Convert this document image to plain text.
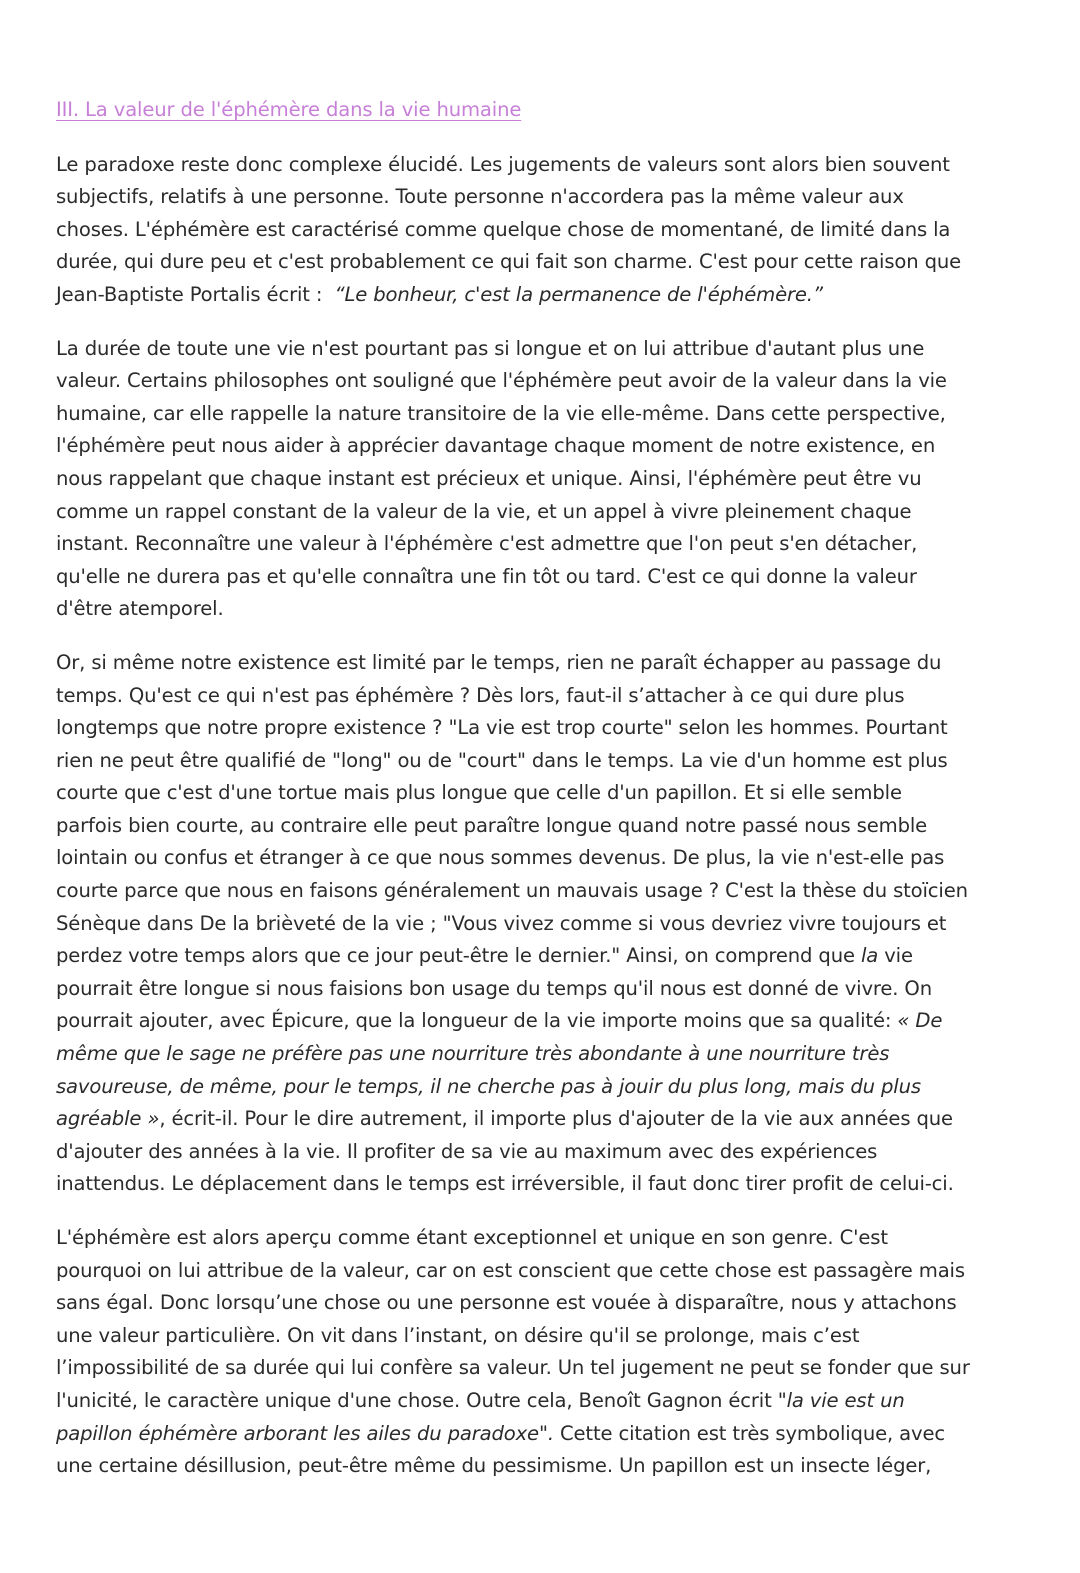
III. La valeur de l'éphémère dans la vie humaine

Le paradoxe reste donc complexe élucidé. Les jugements de valeurs sont alors bien souvent
subjectifs, relatifs à une personne. Toute personne n'accordera pas la même valeur aux
choses. L'éphémère est caractérisé comme quelque chose de momentané, de limité dans la
durée, qui dure peu et c'est probablement ce qui fait son charme. C'est pour cette raison que
Jean-Baptiste Portalis écrit : “Le bonheur, c'est la permanence de l'éphémère.”

La durée de toute une vie n'est pourtant pas si longue et on lui attribue d'autant plus une
valeur. Certains philosophes ont souligné que l'éphémère peut avoir de la valeur dans la vie
humaine, car elle rappelle la nature transitoire de la vie elle-même. Dans cette perspective,
l'éphémère peut nous aider à apprécier davantage chaque moment de notre existence, en
nous rappelant que chaque instant est précieux et unique. Ainsi, l'éphémère peut être vu
comme un rappel constant de la valeur de la vie, et un appel à vivre pleinement chaque
instant. Reconnaître une valeur à l'éphémère c'est admettre que l'on peut s'en détacher,
qu'elle ne durera pas et qu'elle connaîtra une fin tôt ou tard. C'est ce qui donne la valeur
d'être atemporel.

Or, si même notre existence est limité par le temps, rien ne paraît échapper au passage du
temps. Qu'est ce qui n'est pas éphémère ? Dès lors, faut-il s’attacher à ce qui dure plus
longtemps que notre propre existence ? "La vie est trop courte" selon les hommes. Pourtant
rien ne peut être qualifié de "long" ou de "court" dans le temps. La vie d'un homme est plus
courte que c'est d'une tortue mais plus longue que celle d'un papillon. Et si elle semble
parfois bien courte, au contraire elle peut paraître longue quand notre passé nous semble
lointain ou confus et étranger à ce que nous sommes devenus. De plus, la vie n'est-elle pas
courte parce que nous en faisons généralement un mauvais usage ? C'est la thèse du stoïcien
Sénèque dans De la brièveté de la vie ; "Vous vivez comme si vous devriez vivre toujours et
perdez votre temps alors que ce jour peut-être le dernier." Ainsi, on comprend que la vie
pourrait être longue si nous faisions bon usage du temps qu'il nous est donné de vivre. On
pourrait ajouter, avec Épicure, que la longueur de la vie importe moins que sa qualité: « De
même que le sage ne préfère pas une nourriture très abondante à une nourriture très
savoureuse, de même, pour le temps, il ne cherche pas à jouir du plus long, mais du plus
agréable », écrit-il. Pour le dire autrement, il importe plus d'ajouter de la vie aux années que
d'ajouter des années à la vie. Il profiter de sa vie au maximum avec des expériences
inattendus. Le déplacement dans le temps est irréversible, il faut donc tirer profit de celui-ci.

L'éphémère est alors aperçu comme étant exceptionnel et unique en son genre. C'est
pourquoi on lui attribue de la valeur, car on est conscient que cette chose est passagère mais
sans égal. Donc lorsqu’une chose ou une personne est vouée à disparaître, nous y attachons
une valeur particulière. On vit dans l’instant, on désire qu'il se prolonge, mais c’est
l’impossibilité de sa durée qui lui confère sa valeur. Un tel jugement ne peut se fonder que sur
l'unicité, le caractère unique d'une chose. Outre cela, Benoît Gagnon écrit "la vie est un
papillon éphémère arborant les ailes du paradoxe". Cette citation est très symbolique, avec
une certaine désillusion, peut-être même du pessimisme. Un papillon est un insecte léger,
